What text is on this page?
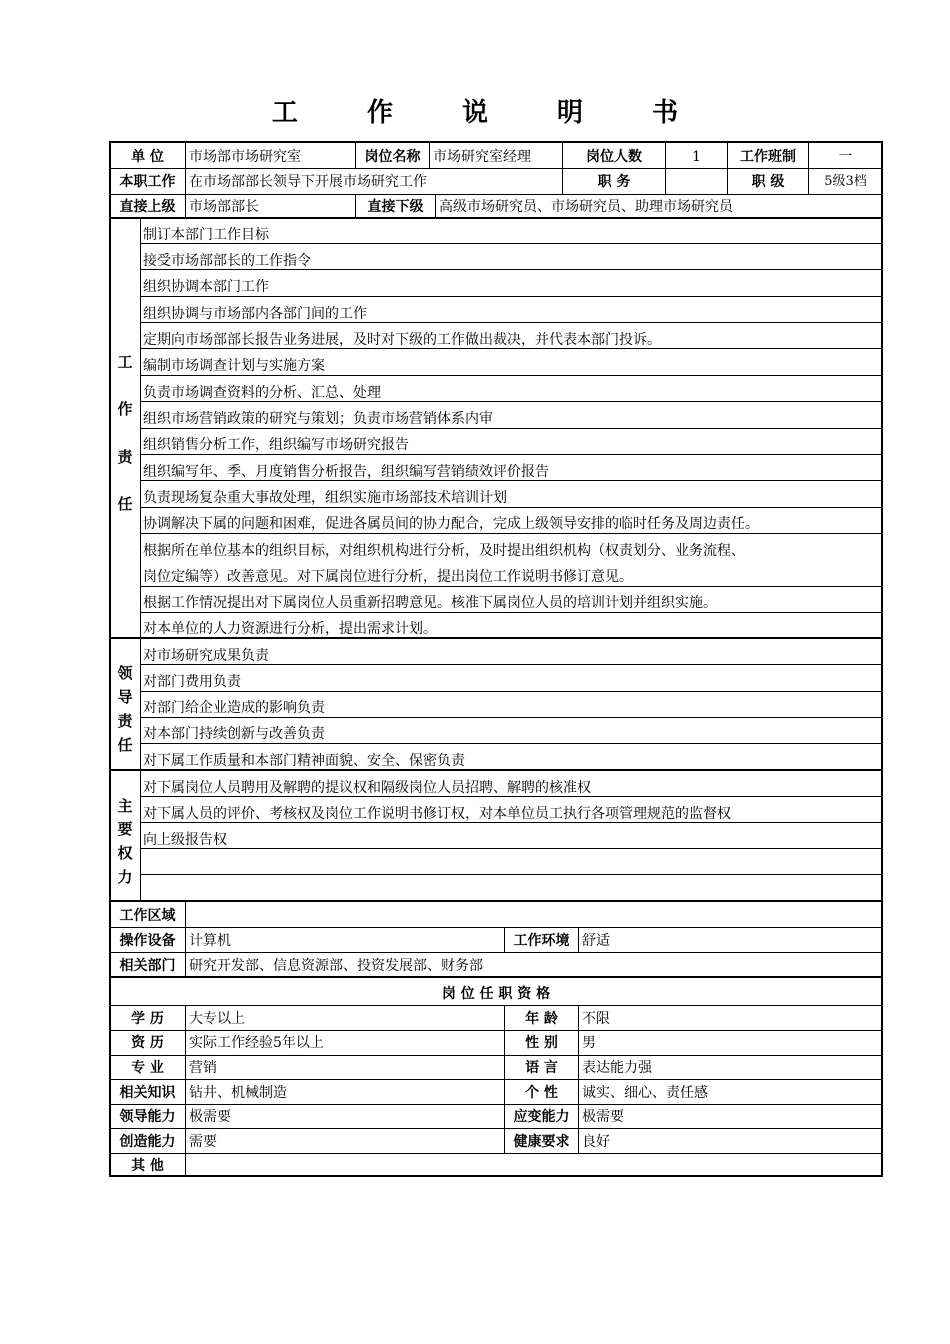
工 作 说 明 书
单 位	市场部市场研究室	岗位名称 市场研究室经理	岗位人数	1	工作班制	一
本职工作 在市场部部长领导下开展市场研究工作	职 务	职 级	5级3档
直接上级 市场部部长	直接下级	高级市场研究员、市场研究员、助理市场研究员
工
作
责
任
制订本部门工作目标
接受市场部部长的工作指令
组织协调本部门工作
组织协调与市场部内各部门间的工作
定期向市场部部长报告业务进展，及时对下级的工作做出裁决，并代表本部门投诉。
编制市场调查计划与实施方案
负责市场调查资料的分析、汇总、处理
组织市场营销政策的研究与策划；负责市场营销体系内审
组织销售分析工作，组织编写市场研究报告
组织编写年、季、月度销售分析报告，组织编写营销绩效评价报告
负责现场复杂重大事故处理，组织实施市场部技术培训计划
协调解决下属的问题和困难，促进各属员间的协力配合，完成上级领导安排的临时任务及周边责任。
根据所在单位基本的组织目标，对组织机构进行分析，及时提出组织机构（权责划分、业务流程、
岗位定编等）改善意见。对下属岗位进行分析，提出岗位工作说明书修订意见。
根据工作情况提出对下属岗位人员重新招聘意见。核准下属岗位人员的培训计划并组织实施。
对本单位的人力资源进行分析，提出需求计划。
领
导
责
任
对市场研究成果负责
对部门费用负责
对部门给企业造成的影响负责
对本部门持续创新与改善负责
对下属工作质量和本部门精神面貌、安全、保密负责
主
要
权
力
对下属岗位人员聘用及解聘的提议权和隔级岗位人员招聘、解聘的核准权
对下属人员的评价、考核权及岗位工作说明书修订权，对本单位员工执行各项管理规范的监督权
向上级报告权
工作区域
操作设备 计算机	工作环境 舒适
相关部门 研究开发部、信息资源部、投资发展部、财务部
岗 位 任 职 资 格
学 历	大专以上	年 龄	不限
资 历	实际工作经验5年以上	性 别	男
专 业	营销	语 言	表达能力强
相关知识 钻井、机械制造	个 性	诚实、细心、责任感
领导能力 极需要	应变能力 极需要
创造能力 需要	健康要求 良好
其 他
